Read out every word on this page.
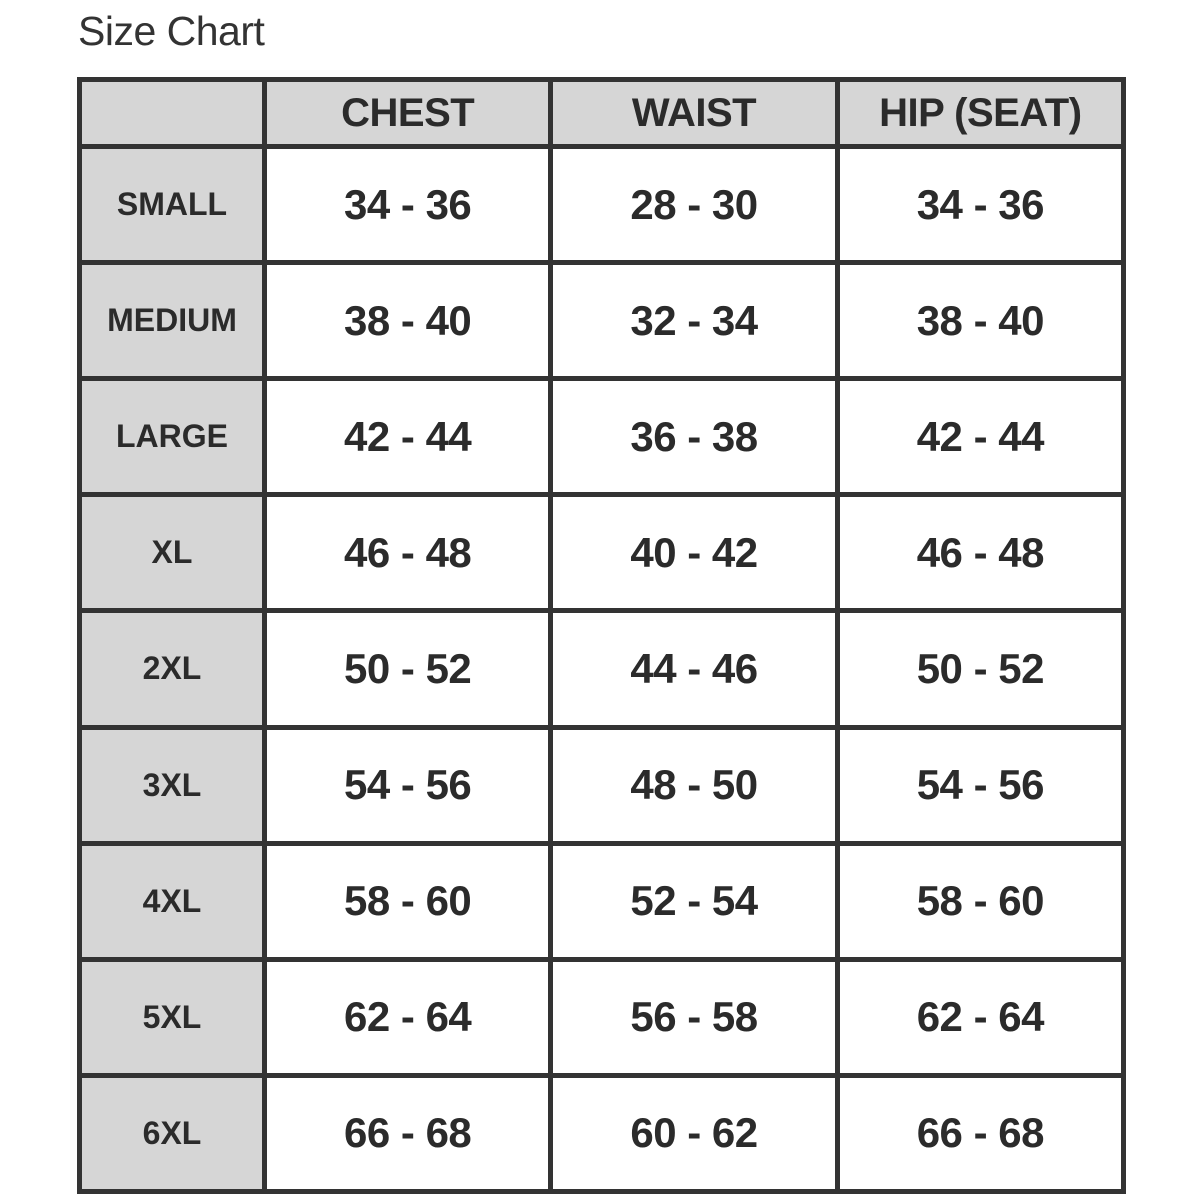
Size Chart
	CHEST	WAIST	HIP (SEAT)
SMALL	34 - 36	28 - 30	34 - 36
MEDIUM	38 - 40	32 - 34	38 - 40
LARGE	42 - 44	36 - 38	42 - 44
XL	46 - 48	40 - 42	46 - 48
2XL	50 - 52	44 - 46	50 - 52
3XL	54 - 56	48 - 50	54 - 56
4XL	58 - 60	52 - 54	58 - 60
5XL	62 - 64	56 - 58	62 - 64
6XL	66 - 68	60 - 62	66 - 68
